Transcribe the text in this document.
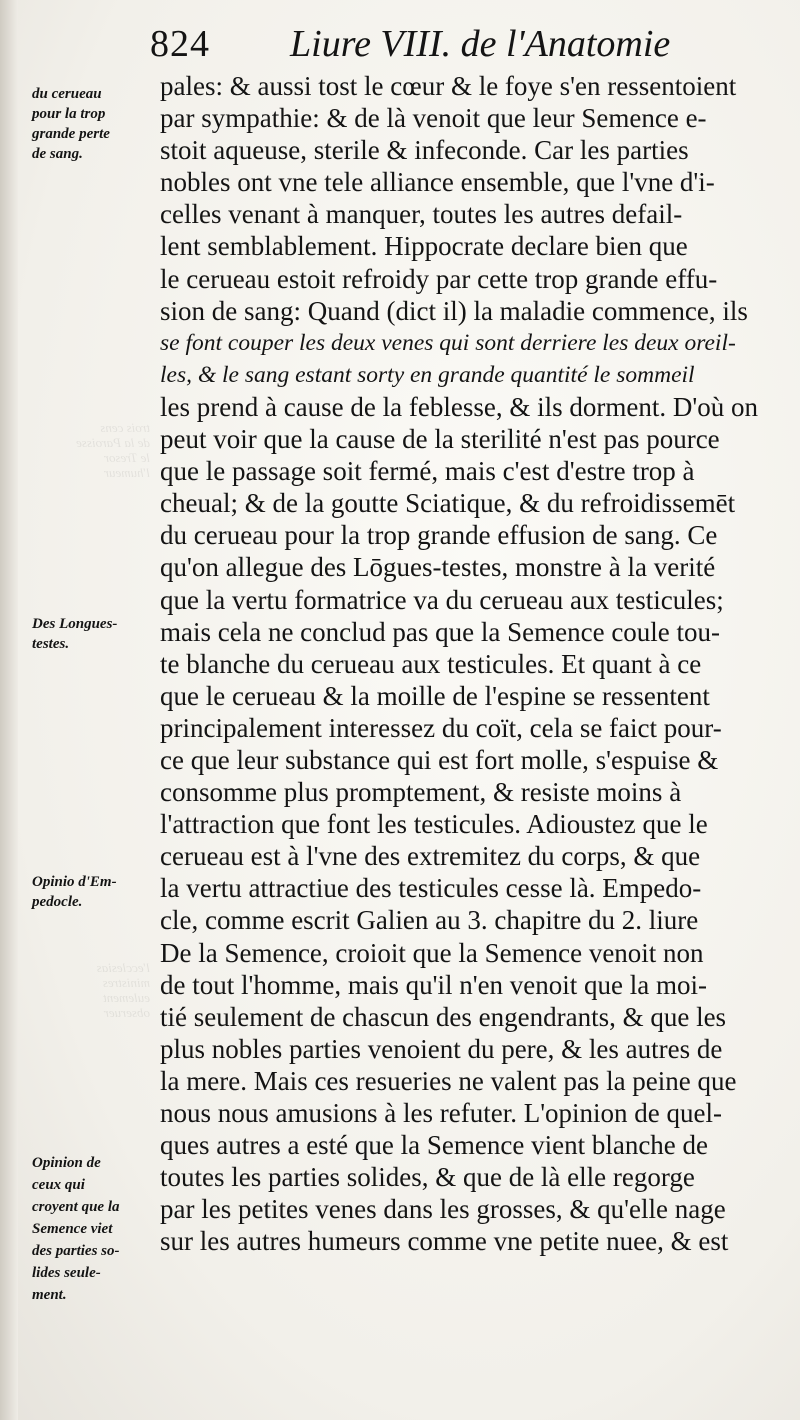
trois cens
de la Paroisse
le Tresor
l'humeur
l'ecclesias
ministres
eulement
obseruer
824 Liure VIII. de l'Anatomie
du cerueau
pour la trop
grande perte
de sang.
Des Longues-
testes.
Opinio d'Em-
pedocle.
Opinion de
ceux qui
croyent que la
Semence viet
des parties so-
lides seule-
ment.
pales: & aussi tost le cœur & le foye s'en ressentoient
par sympathie: & de là venoit que leur Semence e-
stoit aqueuse, sterile & infeconde. Car les parties
nobles ont vne tele alliance ensemble, que l'vne d'i-
celles venant à manquer, toutes les autres defail-
lent semblablement. Hippocrate declare bien que
le cerueau estoit refroidy par cette trop grande effu-
sion de sang: Quand (dict il) la maladie commence, ils
se font couper les deux venes qui sont derriere les deux oreil-
les, & le sang estant sorty en grande quantité le sommeil
les prend à cause de la feblesse, & ils dorment. D'où on
peut voir que la cause de la sterilité n'est pas pource
que le passage soit fermé, mais c'est d'estre trop à
cheual; & de la goutte Sciatique, & du refroidissemēt
du cerueau pour la trop grande effusion de sang. Ce
qu'on allegue des Lōgues-testes, monstre à la verité
que la vertu formatrice va du cerueau aux testicules;
mais cela ne conclud pas que la Semence coule tou-
te blanche du cerueau aux testicules. Et quant à ce
que le cerueau & la moille de l'espine se ressentent
principalement interessez du coït, cela se faict pour-
ce que leur substance qui est fort molle, s'espuise &
consomme plus promptement, & resiste moins à
l'attraction que font les testicules. Adioustez que le
cerueau est à l'vne des extremitez du corps, & que
la vertu attractiue des testicules cesse là. Empedo-
cle, comme escrit Galien au 3. chapitre du 2. liure
De la Semence, croioit que la Semence venoit non
de tout l'homme, mais qu'il n'en venoit que la moi-
tié seulement de chascun des engendrants, & que les
plus nobles parties venoient du pere, & les autres de
la mere. Mais ces resueries ne valent pas la peine que
nous nous amusions à les refuter. L'opinion de quel-
ques autres a esté que la Semence vient blanche de
toutes les parties solides, & que de là elle regorge
par les petites venes dans les grosses, & qu'elle nage
sur les autres humeurs comme vne petite nuee, & est
